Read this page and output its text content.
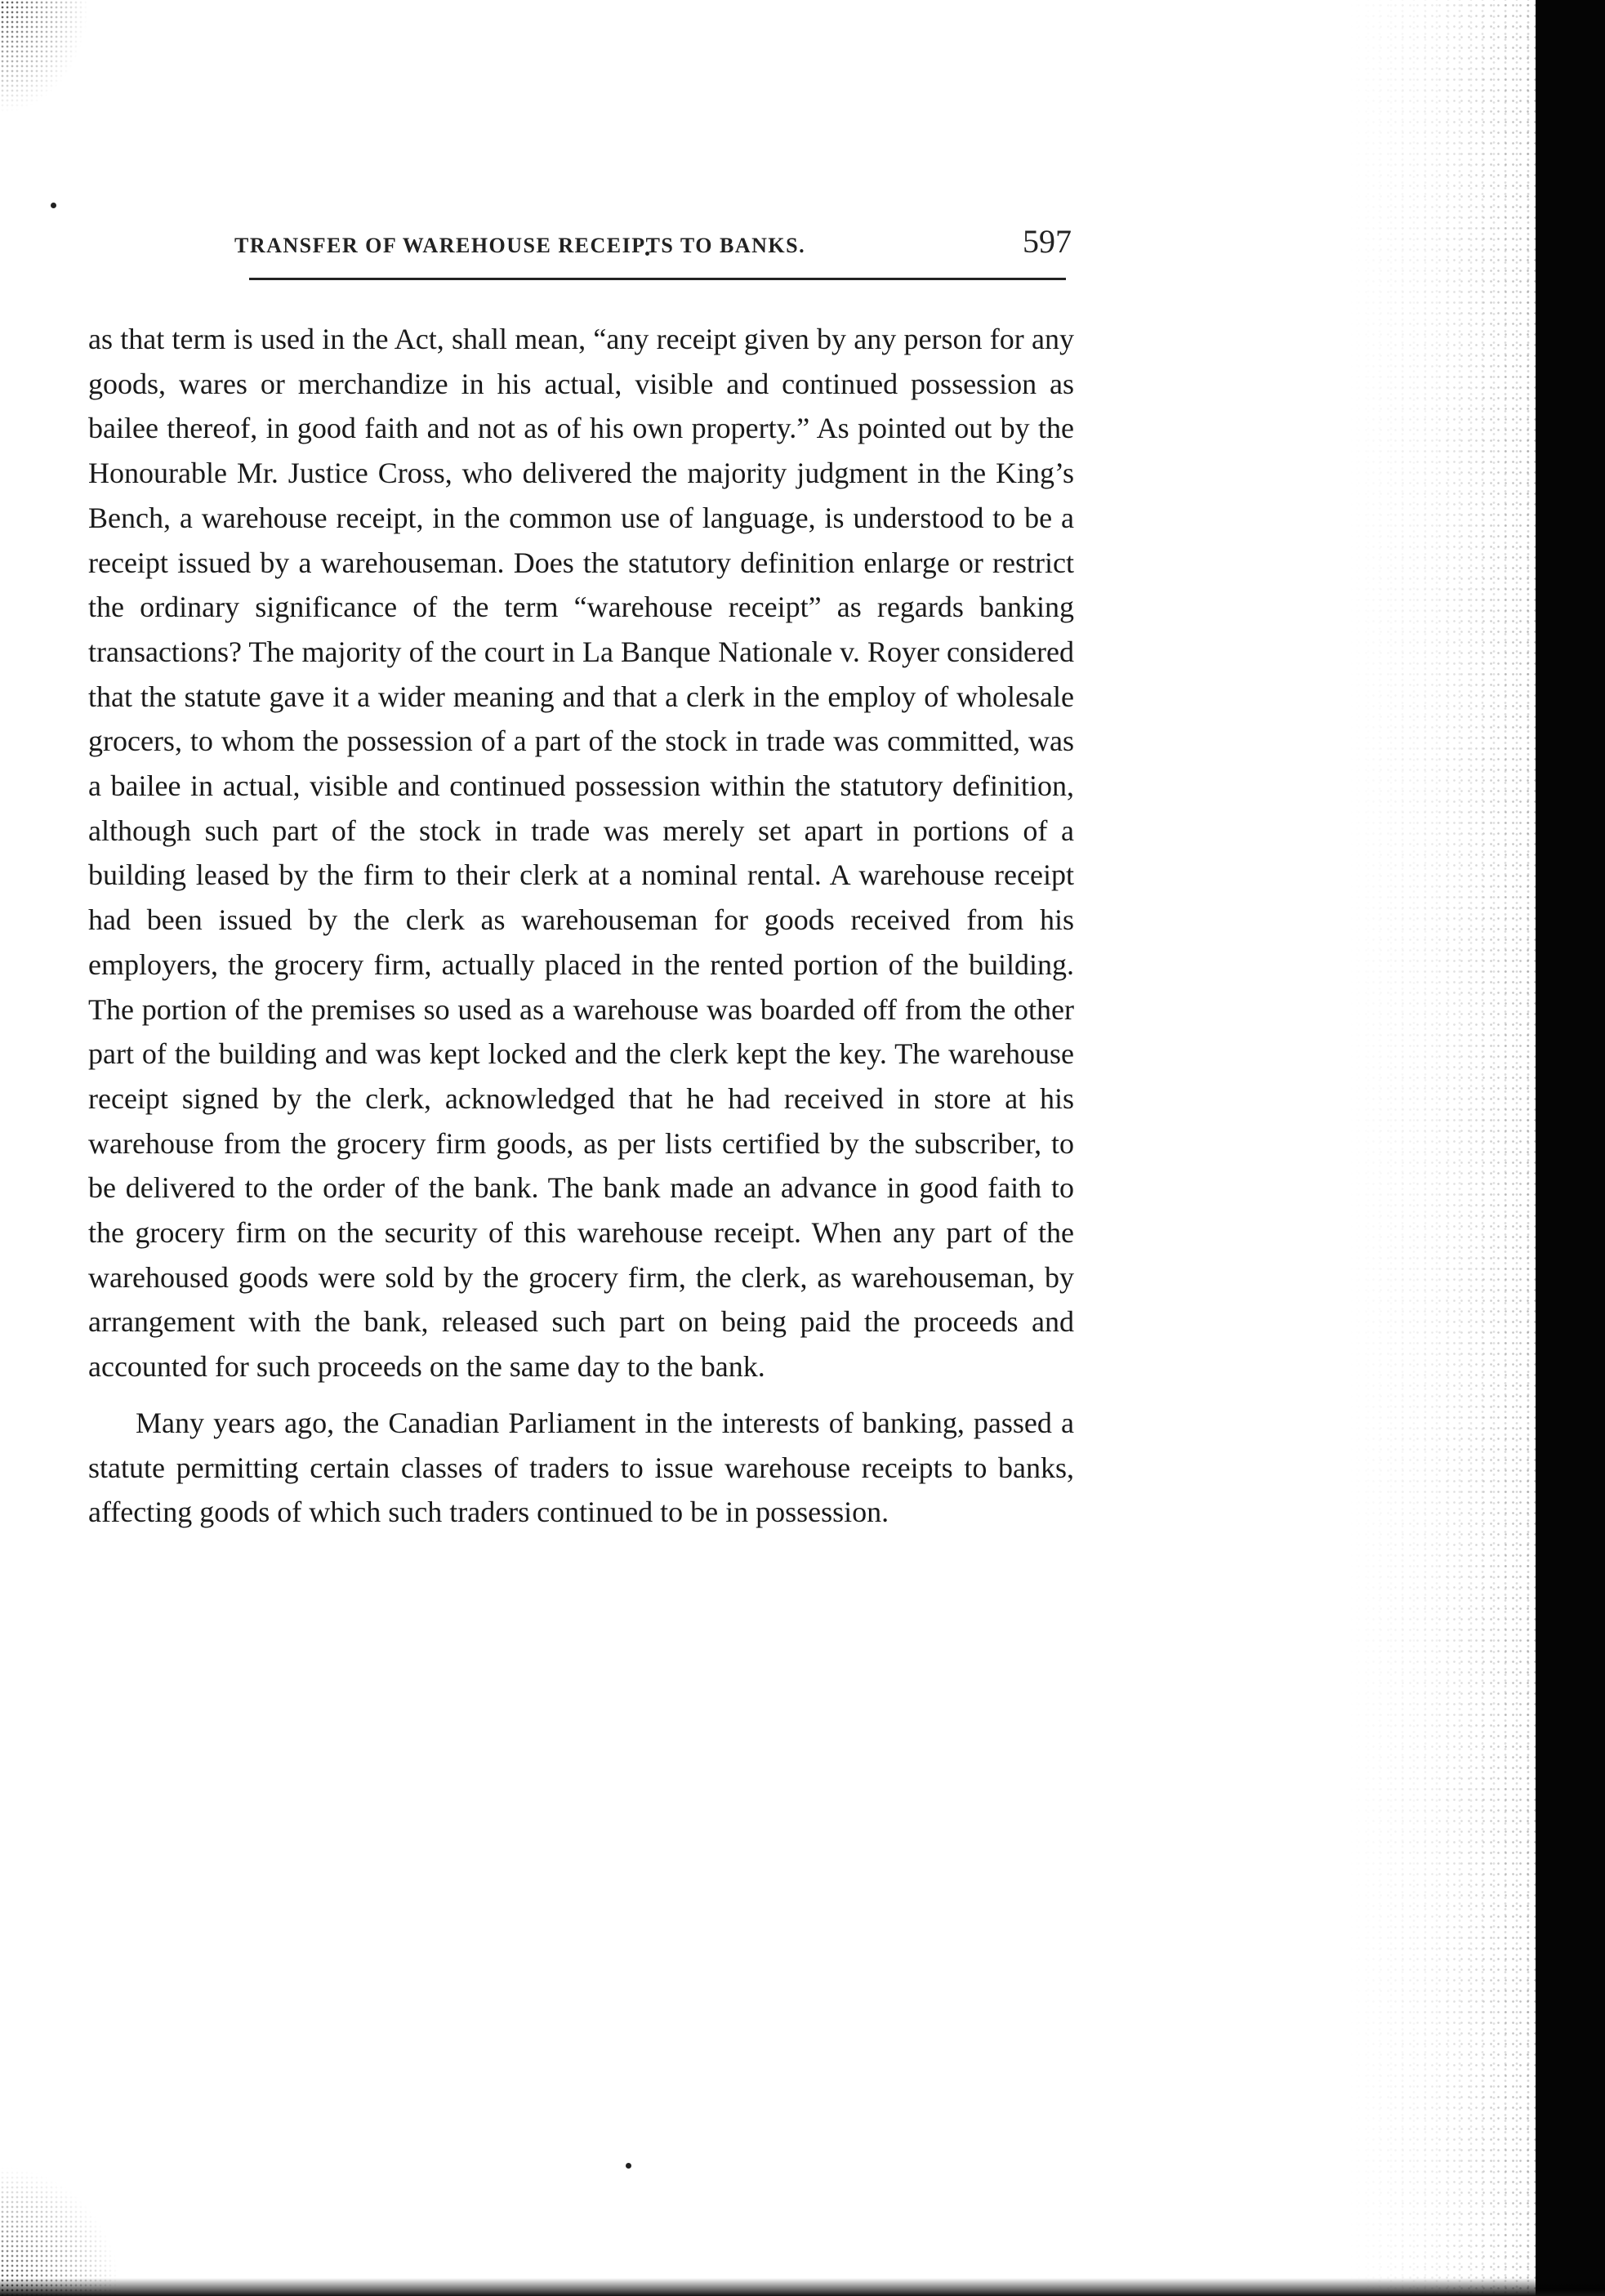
TRANSFER OF WAREHOUSE RECEIPTS TO BANKS.	597

as that term is used in the Act, shall mean, “any receipt given by any person for any goods, wares or merchandize in his actual, visible and continued possession as bailee thereof, in good faith and not as of his own property.” As pointed out by the Honourable Mr. Justice Cross, who delivered the majority judgment in the King’s Bench, a warehouse receipt, in the common use of language, is understood to be a receipt issued by a warehouseman. Does the statutory definition enlarge or restrict the ordinary significance of the term “warehouse receipt” as regards banking transactions? The majority of the court in La Banque Nationale v. Royer considered that the statute gave it a wider meaning and that a clerk in the employ of wholesale grocers, to whom the possession of a part of the stock in trade was committed, was a bailee in actual, visible and continued possession within the statutory definition, although such part of the stock in trade was merely set apart in portions of a building leased by the firm to their clerk at a nominal rental. A warehouse receipt had been issued by the clerk as warehouseman for goods received from his employers, the grocery firm, actually placed in the rented portion of the building. The portion of the premises so used as a warehouse was boarded off from the other part of the building and was kept locked and the clerk kept the key. The warehouse receipt signed by the clerk, acknowledged that he had received in store at his warehouse from the grocery firm goods, as per lists certified by the subscriber, to be delivered to the order of the bank. The bank made an advance in good faith to the grocery firm on the security of this warehouse receipt. When any part of the warehoused goods were sold by the grocery firm, the clerk, as warehouseman, by arrangement with the bank, released such part on being paid the proceeds and accounted for such proceeds on the same day to the bank.

Many years ago, the Canadian Parliament in the interests of banking, passed a statute permitting certain classes of traders to issue warehouse receipts to banks, affecting goods of which such traders continued to be in possession.
